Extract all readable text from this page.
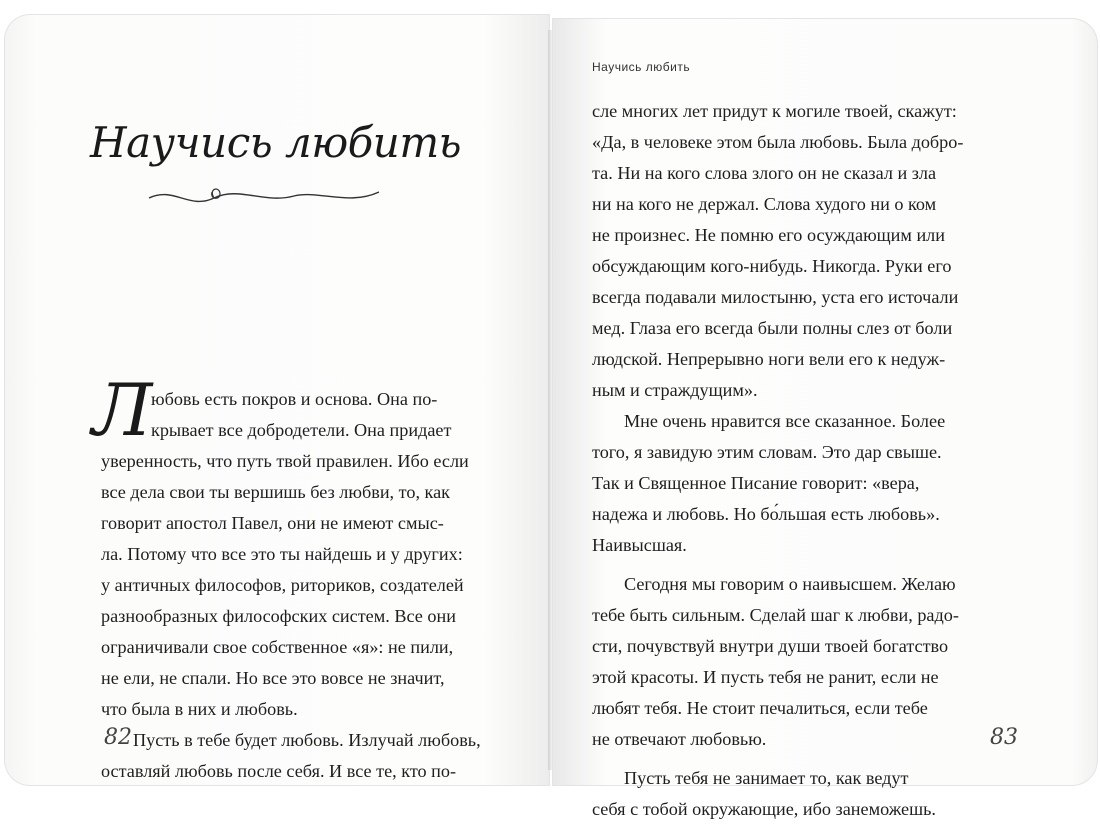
Научись любить
Л

юбовь есть покров и основа. Она по-
крывает все добродетели. Она придает
уверенность, что путь твой правилен. Ибо если
все дела свои ты вершишь без любви, то, как
говорит апостол Павел, они не имеют смыс-
ла. Потому что все это ты найдешь и у других:
у античных философов, риториков, создателей
разнообразных философских систем. Все они
ограничивали свое собственное «я»: не пили,
не ели, не спали. Но все это вовсе не значит,
что была в них и любовь.

Пусть в тебе будет любовь. Излучай любовь,
оставляй любовь после себя. И все те, кто по-

82
Научись любить

сле многих лет придут к могиле твоей, скажут:
«Да, в человеке этом была любовь. Была добро-
та. Ни на кого слова злого он не сказал и зла
ни на кого не держал. Слова худого ни о ком
не произнес. Не помню его осуждающим или
обсуждающим кого-нибудь. Никогда. Руки его
всегда подавали милостыню, уста его источали
мед. Глаза его всегда были полны слез от боли
людской. Непрерывно ноги вели его к недуж-
ным и страждущим».

Мне очень нравится все сказанное. Более
того, я завидую этим словам. Это дар свыше.
Так и Священное Писание говорит: «вера,
надежа и любовь. Но бо́льшая есть любовь».
Наивысшая.

Сегодня мы говорим о наивысшем. Желаю
тебе быть сильным. Сделай шаг к любви, радо-
сти, почувствуй внутри души твоей богатство
этой красоты. И пусть тебя не ранит, если не
любят тебя. Не стоит печалиться, если тебе
не отвечают любовью.

Пусть тебя не занимает то, как ведут
себя с тобой окружающие, ибо занеможешь.

83
